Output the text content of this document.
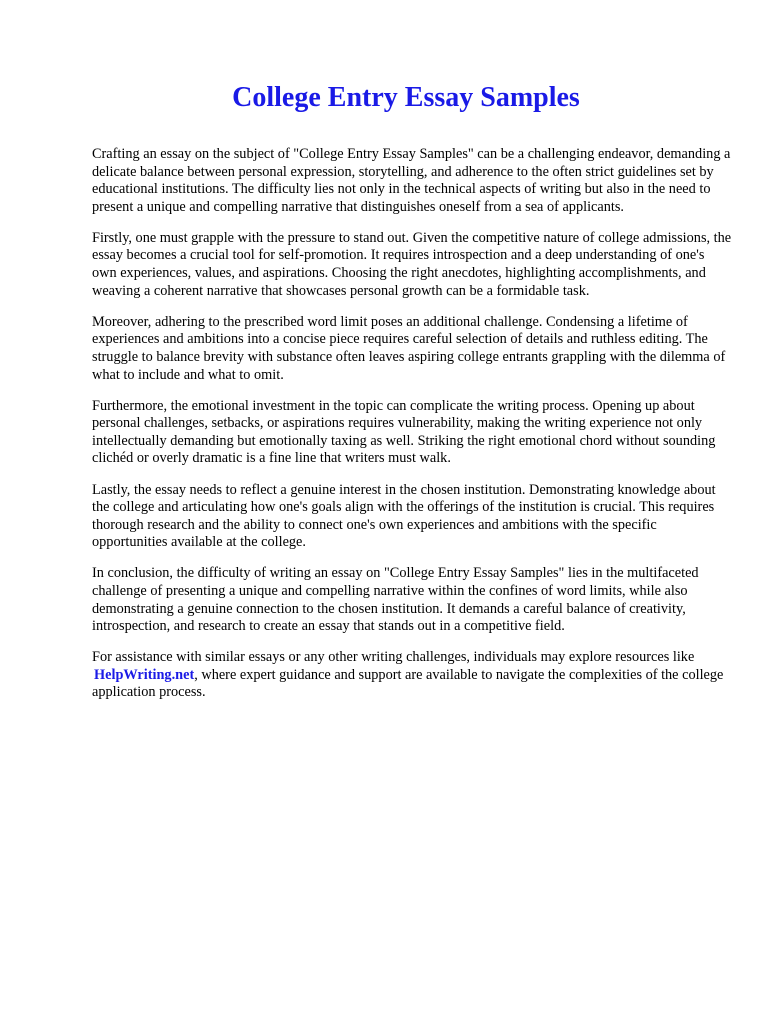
College Entry Essay Samples

Crafting an essay on the subject of "College Entry Essay Samples" can be a challenging endeavor, demanding a delicate balance between personal expression, storytelling, and adherence to the often strict guidelines set by educational institutions. The difficulty lies not only in the technical aspects of writing but also in the need to present a unique and compelling narrative that distinguishes oneself from a sea of applicants.

Firstly, one must grapple with the pressure to stand out. Given the competitive nature of college admissions, the essay becomes a crucial tool for self-promotion. It requires introspection and a deep understanding of one's own experiences, values, and aspirations. Choosing the right anecdotes, highlighting accomplishments, and weaving a coherent narrative that showcases personal growth can be a formidable task.

Moreover, adhering to the prescribed word limit poses an additional challenge. Condensing a lifetime of experiences and ambitions into a concise piece requires careful selection of details and ruthless editing. The struggle to balance brevity with substance often leaves aspiring college entrants grappling with the dilemma of what to include and what to omit.

Furthermore, the emotional investment in the topic can complicate the writing process. Opening up about personal challenges, setbacks, or aspirations requires vulnerability, making the writing experience not only intellectually demanding but emotionally taxing as well. Striking the right emotional chord without sounding clichéd or overly dramatic is a fine line that writers must walk.

Lastly, the essay needs to reflect a genuine interest in the chosen institution. Demonstrating knowledge about the college and articulating how one's goals align with the offerings of the institution is crucial. This requires thorough research and the ability to connect one's own experiences and ambitions with the specific opportunities available at the college.

In conclusion, the difficulty of writing an essay on "College Entry Essay Samples" lies in the multifaceted challenge of presenting a unique and compelling narrative within the confines of word limits, while also demonstrating a genuine connection to the chosen institution. It demands a careful balance of creativity, introspection, and research to create an essay that stands out in a competitive field.

For assistance with similar essays or any other writing challenges, individuals may explore resources like HelpWriting.net, where expert guidance and support are available to navigate the complexities of the college application process.
